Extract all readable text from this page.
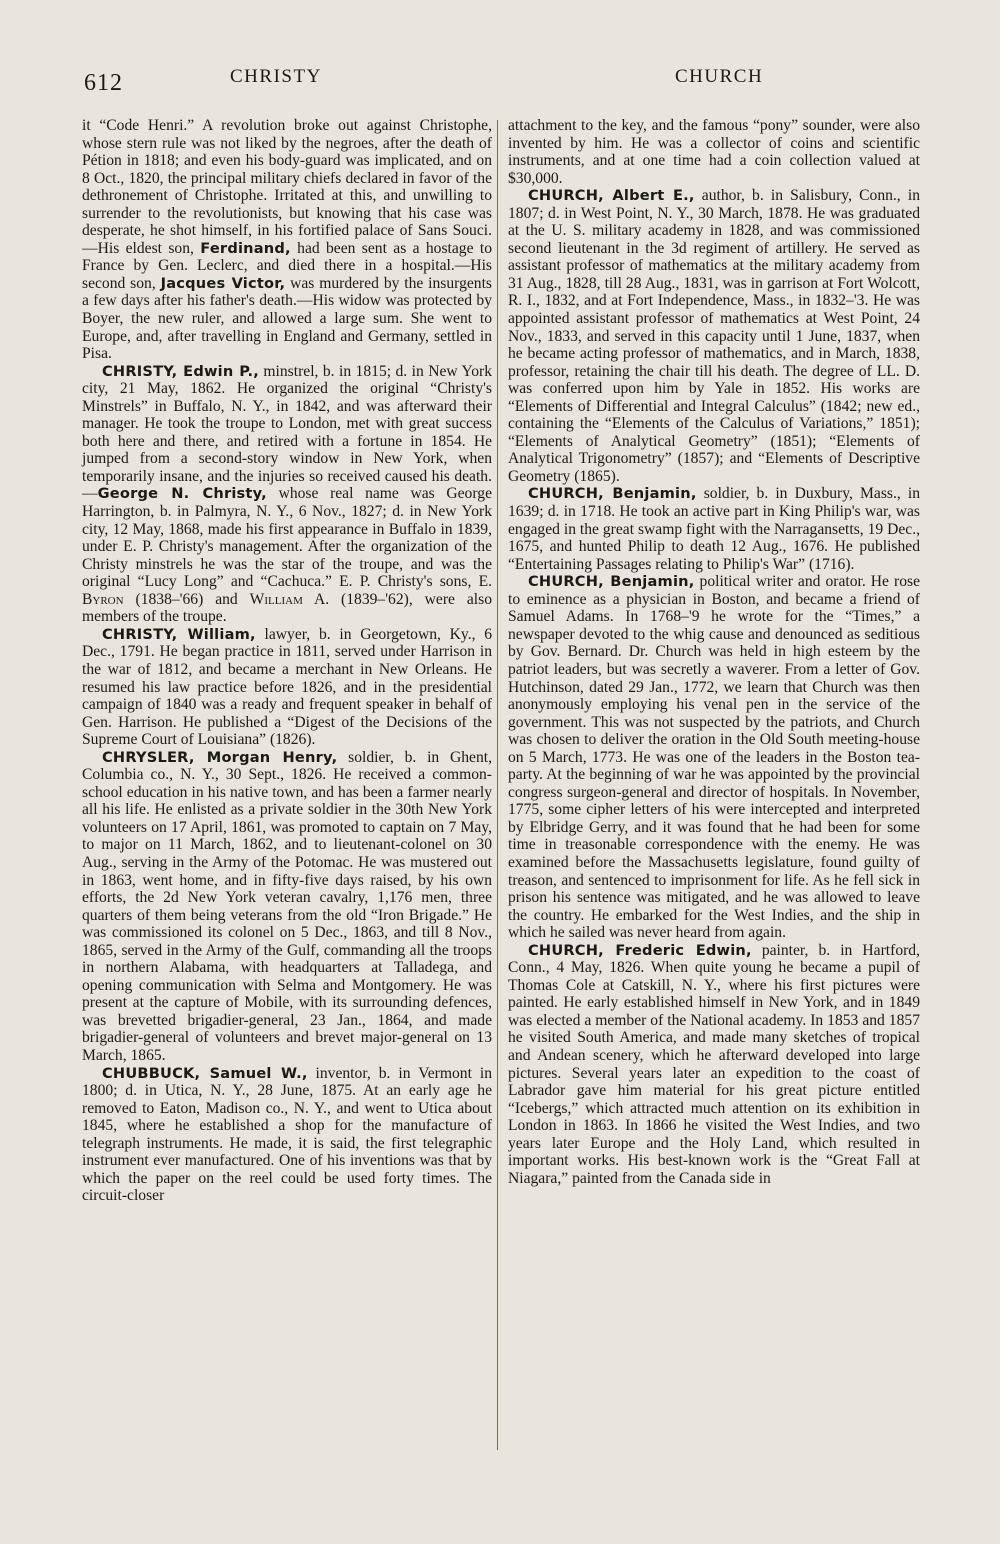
612	CHRISTY	CHURCH

it “Code Henri.” A revolution broke out against Christophe, whose stern rule was not liked by the negroes, after the death of Pétion in 1818; and even his body-guard was implicated, and on 8 Oct., 1820, the principal military chiefs declared in favor of the dethronement of Christophe. Irritated at this, and unwilling to surrender to the revolutionists, but knowing that his case was desperate, he shot himself, in his fortified palace of Sans Souci.—His eldest son, Ferdinand, had been sent as a hostage to France by Gen. Leclerc, and died there in a hospital.—His second son, Jacques Victor, was murdered by the insurgents a few days after his father's death.—His widow was protected by Boyer, the new ruler, and allowed a large sum. She went to Europe, and, after travelling in England and Germany, settled in Pisa.

CHRISTY, Edwin P., minstrel, b. in 1815; d. in New York city, 21 May, 1862. He organized the original “Christy's Minstrels” in Buffalo, N. Y., in 1842, and was afterward their manager. He took the troupe to London, met with great success both here and there, and retired with a fortune in 1854. He jumped from a second-story window in New York, when temporarily insane, and the injuries so received caused his death.—George N. Christy, whose real name was George Harrington, b. in Palmyra, N. Y., 6 Nov., 1827; d. in New York city, 12 May, 1868, made his first appearance in Buffalo in 1839, under E. P. Christy's management. After the organization of the Christy minstrels he was the star of the troupe, and was the original “Lucy Long” and “Cachuca.” E. P. Christy's sons, E. Byron (1838–'66) and William A. (1839–'62), were also members of the troupe.

CHRISTY, William, lawyer, b. in Georgetown, Ky., 6 Dec., 1791. He began practice in 1811, served under Harrison in the war of 1812, and became a merchant in New Orleans. He resumed his law practice before 1826, and in the presidential campaign of 1840 was a ready and frequent speaker in behalf of Gen. Harrison. He published a “Digest of the Decisions of the Supreme Court of Louisiana” (1826).

CHRYSLER, Morgan Henry, soldier, b. in Ghent, Columbia co., N. Y., 30 Sept., 1826. He received a common-school education in his native town, and has been a farmer nearly all his life. He enlisted as a private soldier in the 30th New York volunteers on 17 April, 1861, was promoted to captain on 7 May, to major on 11 March, 1862, and to lieutenant-colonel on 30 Aug., serving in the Army of the Potomac. He was mustered out in 1863, went home, and in fifty-five days raised, by his own efforts, the 2d New York veteran cavalry, 1,176 men, three quarters of them being veterans from the old “Iron Brigade.” He was commissioned its colonel on 5 Dec., 1863, and till 8 Nov., 1865, served in the Army of the Gulf, commanding all the troops in northern Alabama, with headquarters at Talladega, and opening communication with Selma and Montgomery. He was present at the capture of Mobile, with its surrounding defences, was brevetted brigadier-general, 23 Jan., 1864, and made brigadier-general of volunteers and brevet major-general on 13 March, 1865.

CHUBBUCK, Samuel W., inventor, b. in Vermont in 1800; d. in Utica, N. Y., 28 June, 1875. At an early age he removed to Eaton, Madison co., N. Y., and went to Utica about 1845, where he established a shop for the manufacture of telegraph instruments. He made, it is said, the first telegraphic instrument ever manufactured. One of his inventions was that by which the paper on the reel could be used forty times. The circuit-closer

attachment to the key, and the famous “pony” sounder, were also invented by him. He was a collector of coins and scientific instruments, and at one time had a coin collection valued at $30,000.

CHURCH, Albert E., author, b. in Salisbury, Conn., in 1807; d. in West Point, N. Y., 30 March, 1878. He was graduated at the U. S. military academy in 1828, and was commissioned second lieutenant in the 3d regiment of artillery. He served as assistant professor of mathematics at the military academy from 31 Aug., 1828, till 28 Aug., 1831, was in garrison at Fort Wolcott, R. I., 1832, and at Fort Independence, Mass., in 1832–'3. He was appointed assistant professor of mathematics at West Point, 24 Nov., 1833, and served in this capacity until 1 June, 1837, when he became acting professor of mathematics, and in March, 1838, professor, retaining the chair till his death. The degree of LL. D. was conferred upon him by Yale in 1852. His works are “Elements of Differential and Integral Calculus” (1842; new ed., containing the “Elements of the Calculus of Variations,” 1851); “Elements of Analytical Geometry” (1851); “Elements of Analytical Trigonometry” (1857); and “Elements of Descriptive Geometry (1865).

CHURCH, Benjamin, soldier, b. in Duxbury, Mass., in 1639; d. in 1718. He took an active part in King Philip's war, was engaged in the great swamp fight with the Narragansetts, 19 Dec., 1675, and hunted Philip to death 12 Aug., 1676. He published “Entertaining Passages relating to Philip's War” (1716).

CHURCH, Benjamin, political writer and orator. He rose to eminence as a physician in Boston, and became a friend of Samuel Adams. In 1768–'9 he wrote for the “Times,” a newspaper devoted to the whig cause and denounced as seditious by Gov. Bernard. Dr. Church was held in high esteem by the patriot leaders, but was secretly a waverer. From a letter of Gov. Hutchinson, dated 29 Jan., 1772, we learn that Church was then anonymously employing his venal pen in the service of the government. This was not suspected by the patriots, and Church was chosen to deliver the oration in the Old South meeting-house on 5 March, 1773. He was one of the leaders in the Boston tea-party. At the beginning of war he was appointed by the provincial congress surgeon-general and director of hospitals. In November, 1775, some cipher letters of his were intercepted and interpreted by Elbridge Gerry, and it was found that he had been for some time in treasonable correspondence with the enemy. He was examined before the Massachusetts legislature, found guilty of treason, and sentenced to imprisonment for life. As he fell sick in prison his sentence was mitigated, and he was allowed to leave the country. He embarked for the West Indies, and the ship in which he sailed was never heard from again.

CHURCH, Frederic Edwin, painter, b. in Hartford, Conn., 4 May, 1826. When quite young he became a pupil of Thomas Cole at Catskill, N. Y., where his first pictures were painted. He early established himself in New York, and in 1849 was elected a member of the National academy. In 1853 and 1857 he visited South America, and made many sketches of tropical and Andean scenery, which he afterward developed into large pictures. Several years later an expedition to the coast of Labrador gave him material for his great picture entitled “Icebergs,” which attracted much attention on its exhibition in London in 1863. In 1866 he visited the West Indies, and two years later Europe and the Holy Land, which resulted in important works. His best-known work is the “Great Fall at Niagara,” painted from the Canada side in
